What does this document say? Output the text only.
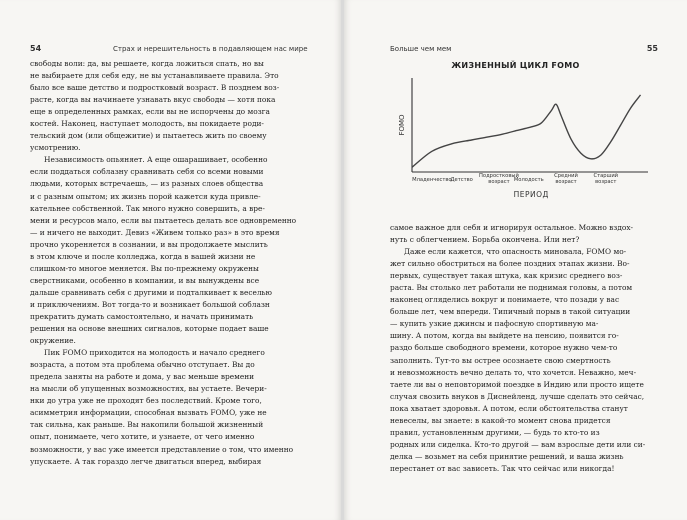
54	Страх и нерешительность в подавляющем нас мире
свободы воли: да, вы решаете, когда ложиться спать, но вы
не выбираете для себя еду, не вы устанавливаете правила. Это
было все ваше детство и подростковый возраст. В позднем воз-
расте, когда вы начинаете узнавать вкус свободы — хотя пока
еще в определенных рамках, если вы не испорчены до мозга
костей. Наконец, наступает молодость, вы покидаете роди-
тельский дом (или общежитие) и пытаетесь жить по своему
усмотрению.
Независимость опьяняет. А еще ошарашивает, особенно
если поддаться соблазну сравнивать себя со всеми новыми
людьми, которых встречаешь, — из разных слоев общества
и с разным опытом; их жизнь порой кажется куда привле-
кательнее собственной. Так много нужно совершить, а вре-
мени и ресурсов мало, если вы пытаетесь делать все одновременно
— и ничего не выходит. Девиз «Живем только раз» в это время
прочно укореняется в сознании, и вы продолжаете мыслить
в этом ключе и после колледжа, когда в вашей жизни не
слишком-то многое меняется. Вы по-прежнему окружены
сверстниками, особенно в компании, и вы вынуждены все
дальше сравнивать себя с другими и подталкивает к веселью
и приключениям. Вот тогда-то и возникает большой соблазн
прекратить думать самостоятельно, и начать принимать
решения на основе внешних сигналов, которые подает ваше
окружение.
Пик FOMO приходится на молодость и начало среднего
возраста, а потом эта проблема обычно отступает. Вы до
предела заняты на работе и дома, у вас меньше времени
на мысли об упущенных возможностях, вы устаете. Вечери-
нки до утра уже не проходят без последствий. Кроме того,
асимметрия информации, способная вызвать FOMO, уже не
так сильна, как раньше. Вы накопили большой жизненный
опыт, понимаете, чего хотите, и узнаете, от чего именно
возможности, у вас уже имеется представление о том, что именно
упускаете. А так гораздо легче двигаться вперед, выбирая
Больше чем мем	55
ЖИЗНЕННЫЙ ЦИКЛ FOMO
FOMO
Младенчество
Детство
Подростковый возраст Молодость
Средний возраст
Старший возраст
ПЕРИОД
самое важное для себя и игнорируя остальное. Можно вздох-
нуть с облегчением. Борьба окончена. Или нет?
Даже если кажется, что опасность миновала, FOMO мо-
жет сильно обостриться на более поздних этапах жизни. Во-
первых, существует такая штука, как кризис среднего воз-
раста. Вы столько лет работали не поднимая головы, а потом
наконец огляделись вокруг и понимаете, что позади у вас
больше лет, чем впереди. Типичный порыв в такой ситуации
— купить узкие джинсы и пафосную спортивную ма-
шину. А потом, когда вы выйдете на пенсию, появится го-
раздо больше свободного времени, которое нужно чем-то
заполнить. Тут-то вы острее осознаете свою смертность
и невозможность вечно делать то, что хочется. Неважно, меч-
таете ли вы о неповторимой поездке в Индию или просто ищете
случая свозить внуков в Диснейленд, лучше сделать это сейчас,
пока хватает здоровья. А потом, если обстоятельства станут
невеселы, вы знаете: в какой-то момент снова придется
правил, установленным другими, — будь то кто-то из
родных или сиделка. Кто-то другой — вам взрослые дети или си-
делка — возьмет на себя принятие решений, и ваша жизнь
перестанет от вас зависеть. Так что сейчас или никогда!
